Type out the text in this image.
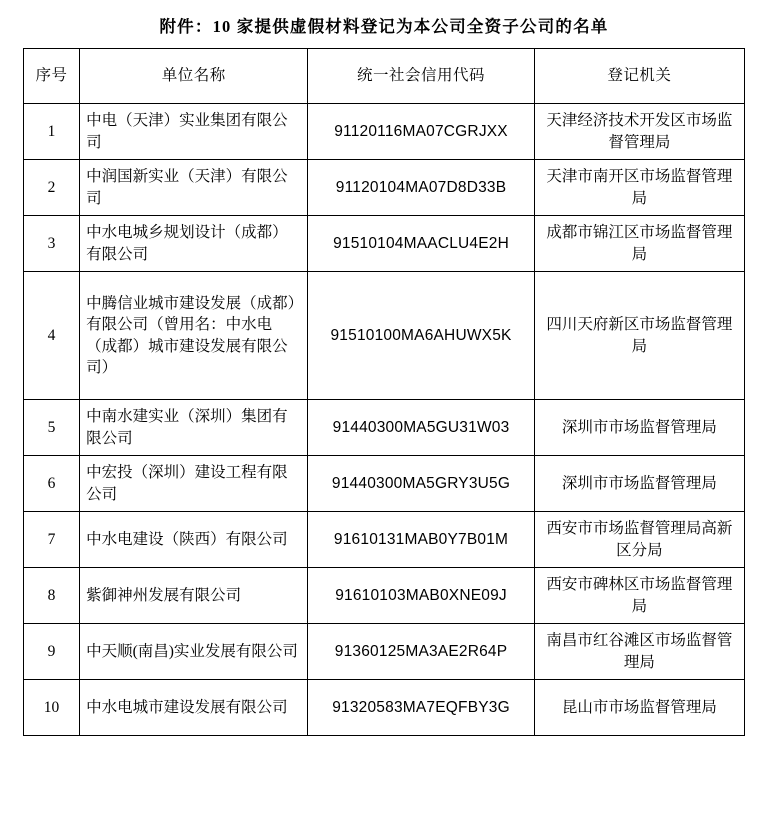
附件：10 家提供虚假材料登记为本公司全资子公司的名单
序号	单位名称	统一社会信用代码	登记机关
1	中电（天津）实业集团有限公司	91120116MA07CGRJXX	天津经济技术开发区市场监督管理局
2	中润国新实业（天津）有限公司	91120104MA07D8D33B	天津市南开区市场监督管理局
3	中水电城乡规划设计（成都）有限公司	91510104MAACLU4E2H	成都市锦江区市场监督管理局
4	中腾信业城市建设发展（成都）有限公司（曾用名：中水电（成都）城市建设发展有限公司）	91510100MA6AHUWX5K	四川天府新区市场监督管理局
5	中南水建实业（深圳）集团有限公司	91440300MA5GU31W03	深圳市市场监督管理局
6	中宏投（深圳）建设工程有限公司	91440300MA5GRY3U5G	深圳市市场监督管理局
7	中水电建设（陕西）有限公司	91610131MAB0Y7B01M	西安市市场监督管理局高新区分局
8	紫御神州发展有限公司	91610103MAB0XNE09J	西安市碑林区市场监督管理局
9	中天顺(南昌)实业发展有限公司	91360125MA3AE2R64P	南昌市红谷滩区市场监督管理局
10	中水电城市建设发展有限公司	91320583MA7EQFBY3G	昆山市市场监督管理局
